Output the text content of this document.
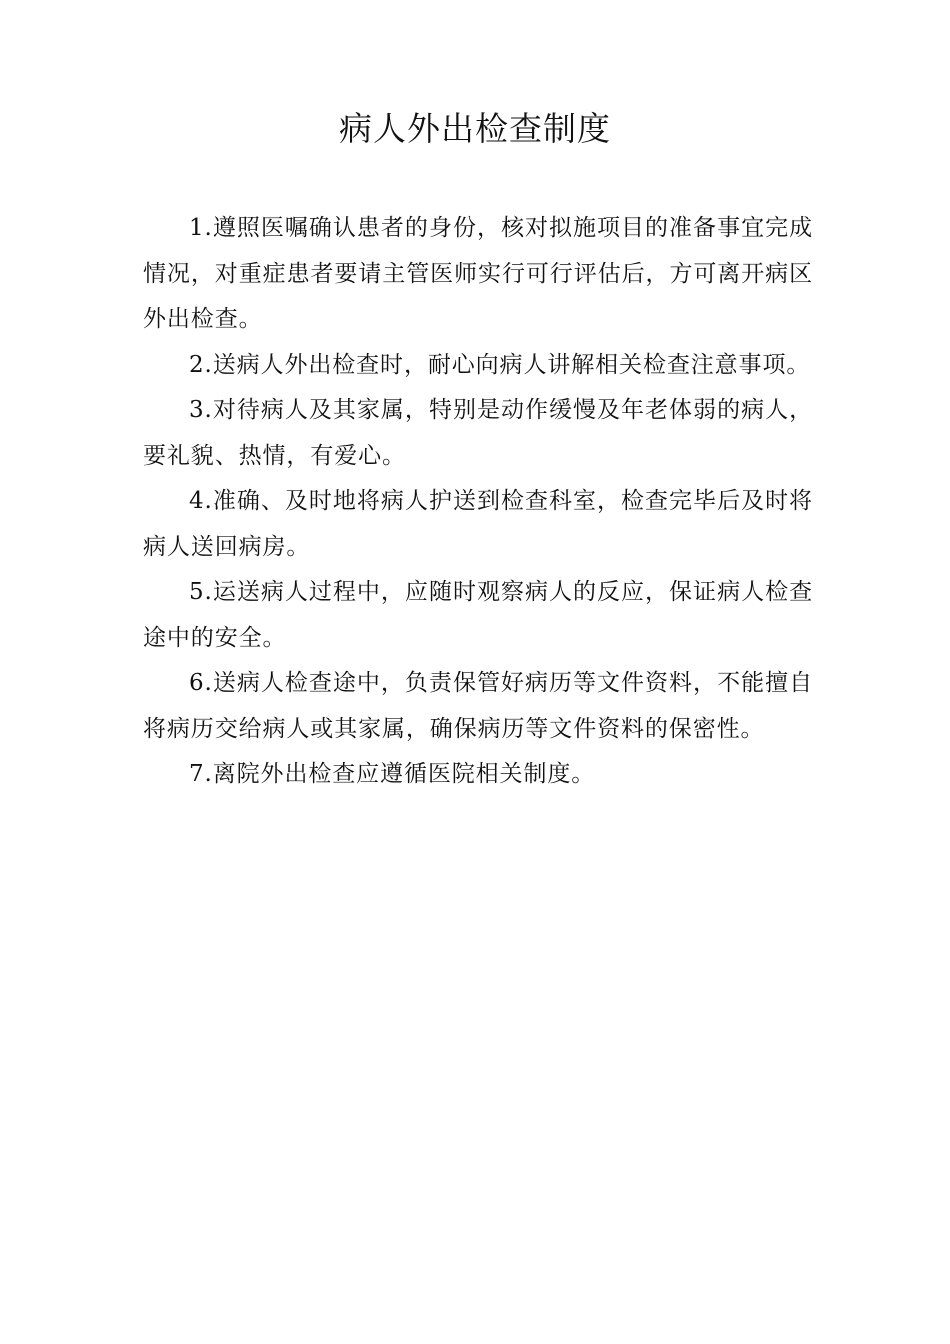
病人外出检查制度

1.遵照医嘱确认患者的身份，核对拟施项目的准备事宜完成情况，对重症患者要请主管医师实行可行评估后，方可离开病区外出检查。

2.送病人外出检查时，耐心向病人讲解相关检查注意事项。

3.对待病人及其家属，特别是动作缓慢及年老体弱的病人，要礼貌、热情，有爱心。

4.准确、及时地将病人护送到检查科室，检查完毕后及时将病人送回病房。

5.运送病人过程中，应随时观察病人的反应，保证病人检查途中的安全。

6.送病人检查途中，负责保管好病历等文件资料，不能擅自将病历交给病人或其家属，确保病历等文件资料的保密性。

7.离院外出检查应遵循医院相关制度。
